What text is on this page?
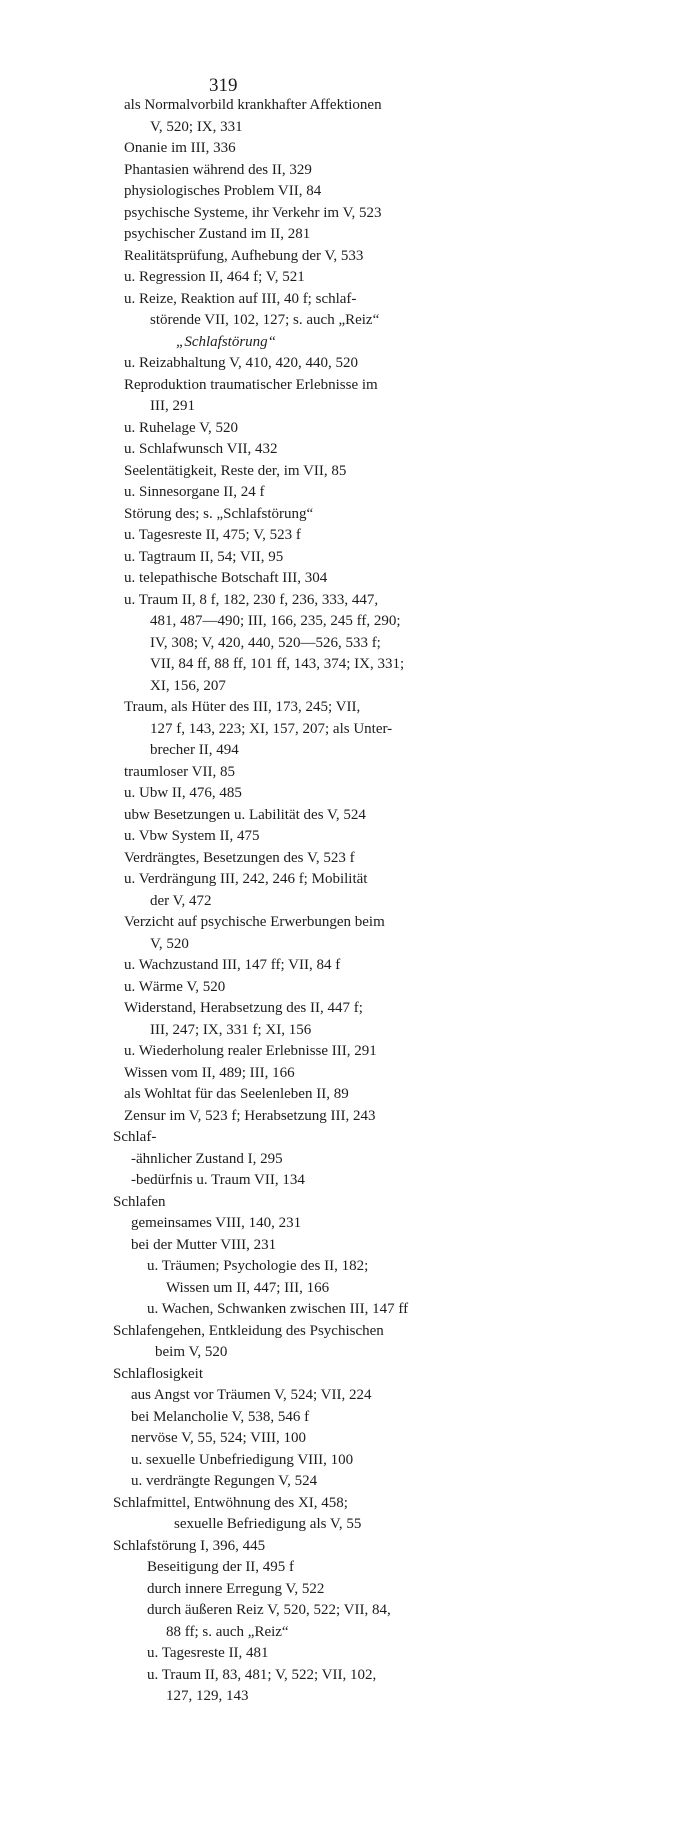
319
als Normalvorbild krankhafter Affektionen
V, 520; IX, 331
Onanie im III, 336
Phantasien während des II, 329
physiologisches Problem VII, 84
psychische Systeme, ihr Verkehr im V, 523
psychischer Zustand im II, 281
Realitätsprüfung, Aufhebung der V, 533
u. Regression II, 464 f; V, 521
u. Reize, Reaktion auf III, 40 f; schlaf-
störende VII, 102, 127; s. auch „Reiz“
„Schlafstörung“
u. Reizabhaltung V, 410, 420, 440, 520
Reproduktion traumatischer Erlebnisse im
III, 291
u. Ruhelage V, 520
u. Schlafwunsch VII, 432
Seelentätigkeit, Reste der, im VII, 85
u. Sinnesorgane II, 24 f
Störung des; s. „Schlafstörung“
u. Tagesreste II, 475; V, 523 f
u. Tagtraum II, 54; VII, 95
u. telepathische Botschaft III, 304
u. Traum II, 8 f, 182, 230 f, 236, 333, 447,
481, 487—490; III, 166, 235, 245 ff, 290;
IV, 308; V, 420, 440, 520—526, 533 f;
VII, 84 ff, 88 ff, 101 ff, 143, 374; IX, 331;
XI, 156, 207
Traum, als Hüter des III, 173, 245; VII,
127 f, 143, 223; XI, 157, 207; als Unter-
brecher II, 494
traumloser VII, 85
u. Ubw II, 476, 485
ubw Besetzungen u. Labilität des V, 524
u. Vbw System II, 475
Verdrängtes, Besetzungen des V, 523 f
u. Verdrängung III, 242, 246 f; Mobilität
der V, 472
Verzicht auf psychische Erwerbungen beim
V, 520
u. Wachzustand III, 147 ff; VII, 84 f
u. Wärme V, 520
Widerstand, Herabsetzung des II, 447 f;
III, 247; IX, 331 f; XI, 156
u. Wiederholung realer Erlebnisse III, 291
Wissen vom II, 489; III, 166
als Wohltat für das Seelenleben II, 89
Zensur im V, 523 f; Herabsetzung III, 243
Schlaf-
-ähnlicher Zustand I, 295
-bedürfnis u. Traum VII, 134
Schlafen
gemeinsames VIII, 140, 231
bei der Mutter VIII, 231
u. Träumen; Psychologie des II, 182;
Wissen um II, 447; III, 166
u. Wachen, Schwanken zwischen III, 147 ff
Schlafengehen, Entkleidung des Psychischen
beim V, 520
Schlaflosigkeit
aus Angst vor Träumen V, 524; VII, 224
bei Melancholie V, 538, 546 f
nervöse V, 55, 524; VIII, 100
u. sexuelle Unbefriedigung VIII, 100
u. verdrängte Regungen V, 524
Schlafmittel, Entwöhnung des XI, 458;
sexuelle Befriedigung als V, 55
Schlafstörung I, 396, 445
Beseitigung der II, 495 f
durch innere Erregung V, 522
durch äußeren Reiz V, 520, 522; VII, 84,
88 ff; s. auch „Reiz“
u. Tagesreste II, 481
u. Traum II, 83, 481; V, 522; VII, 102,
127, 129, 143
